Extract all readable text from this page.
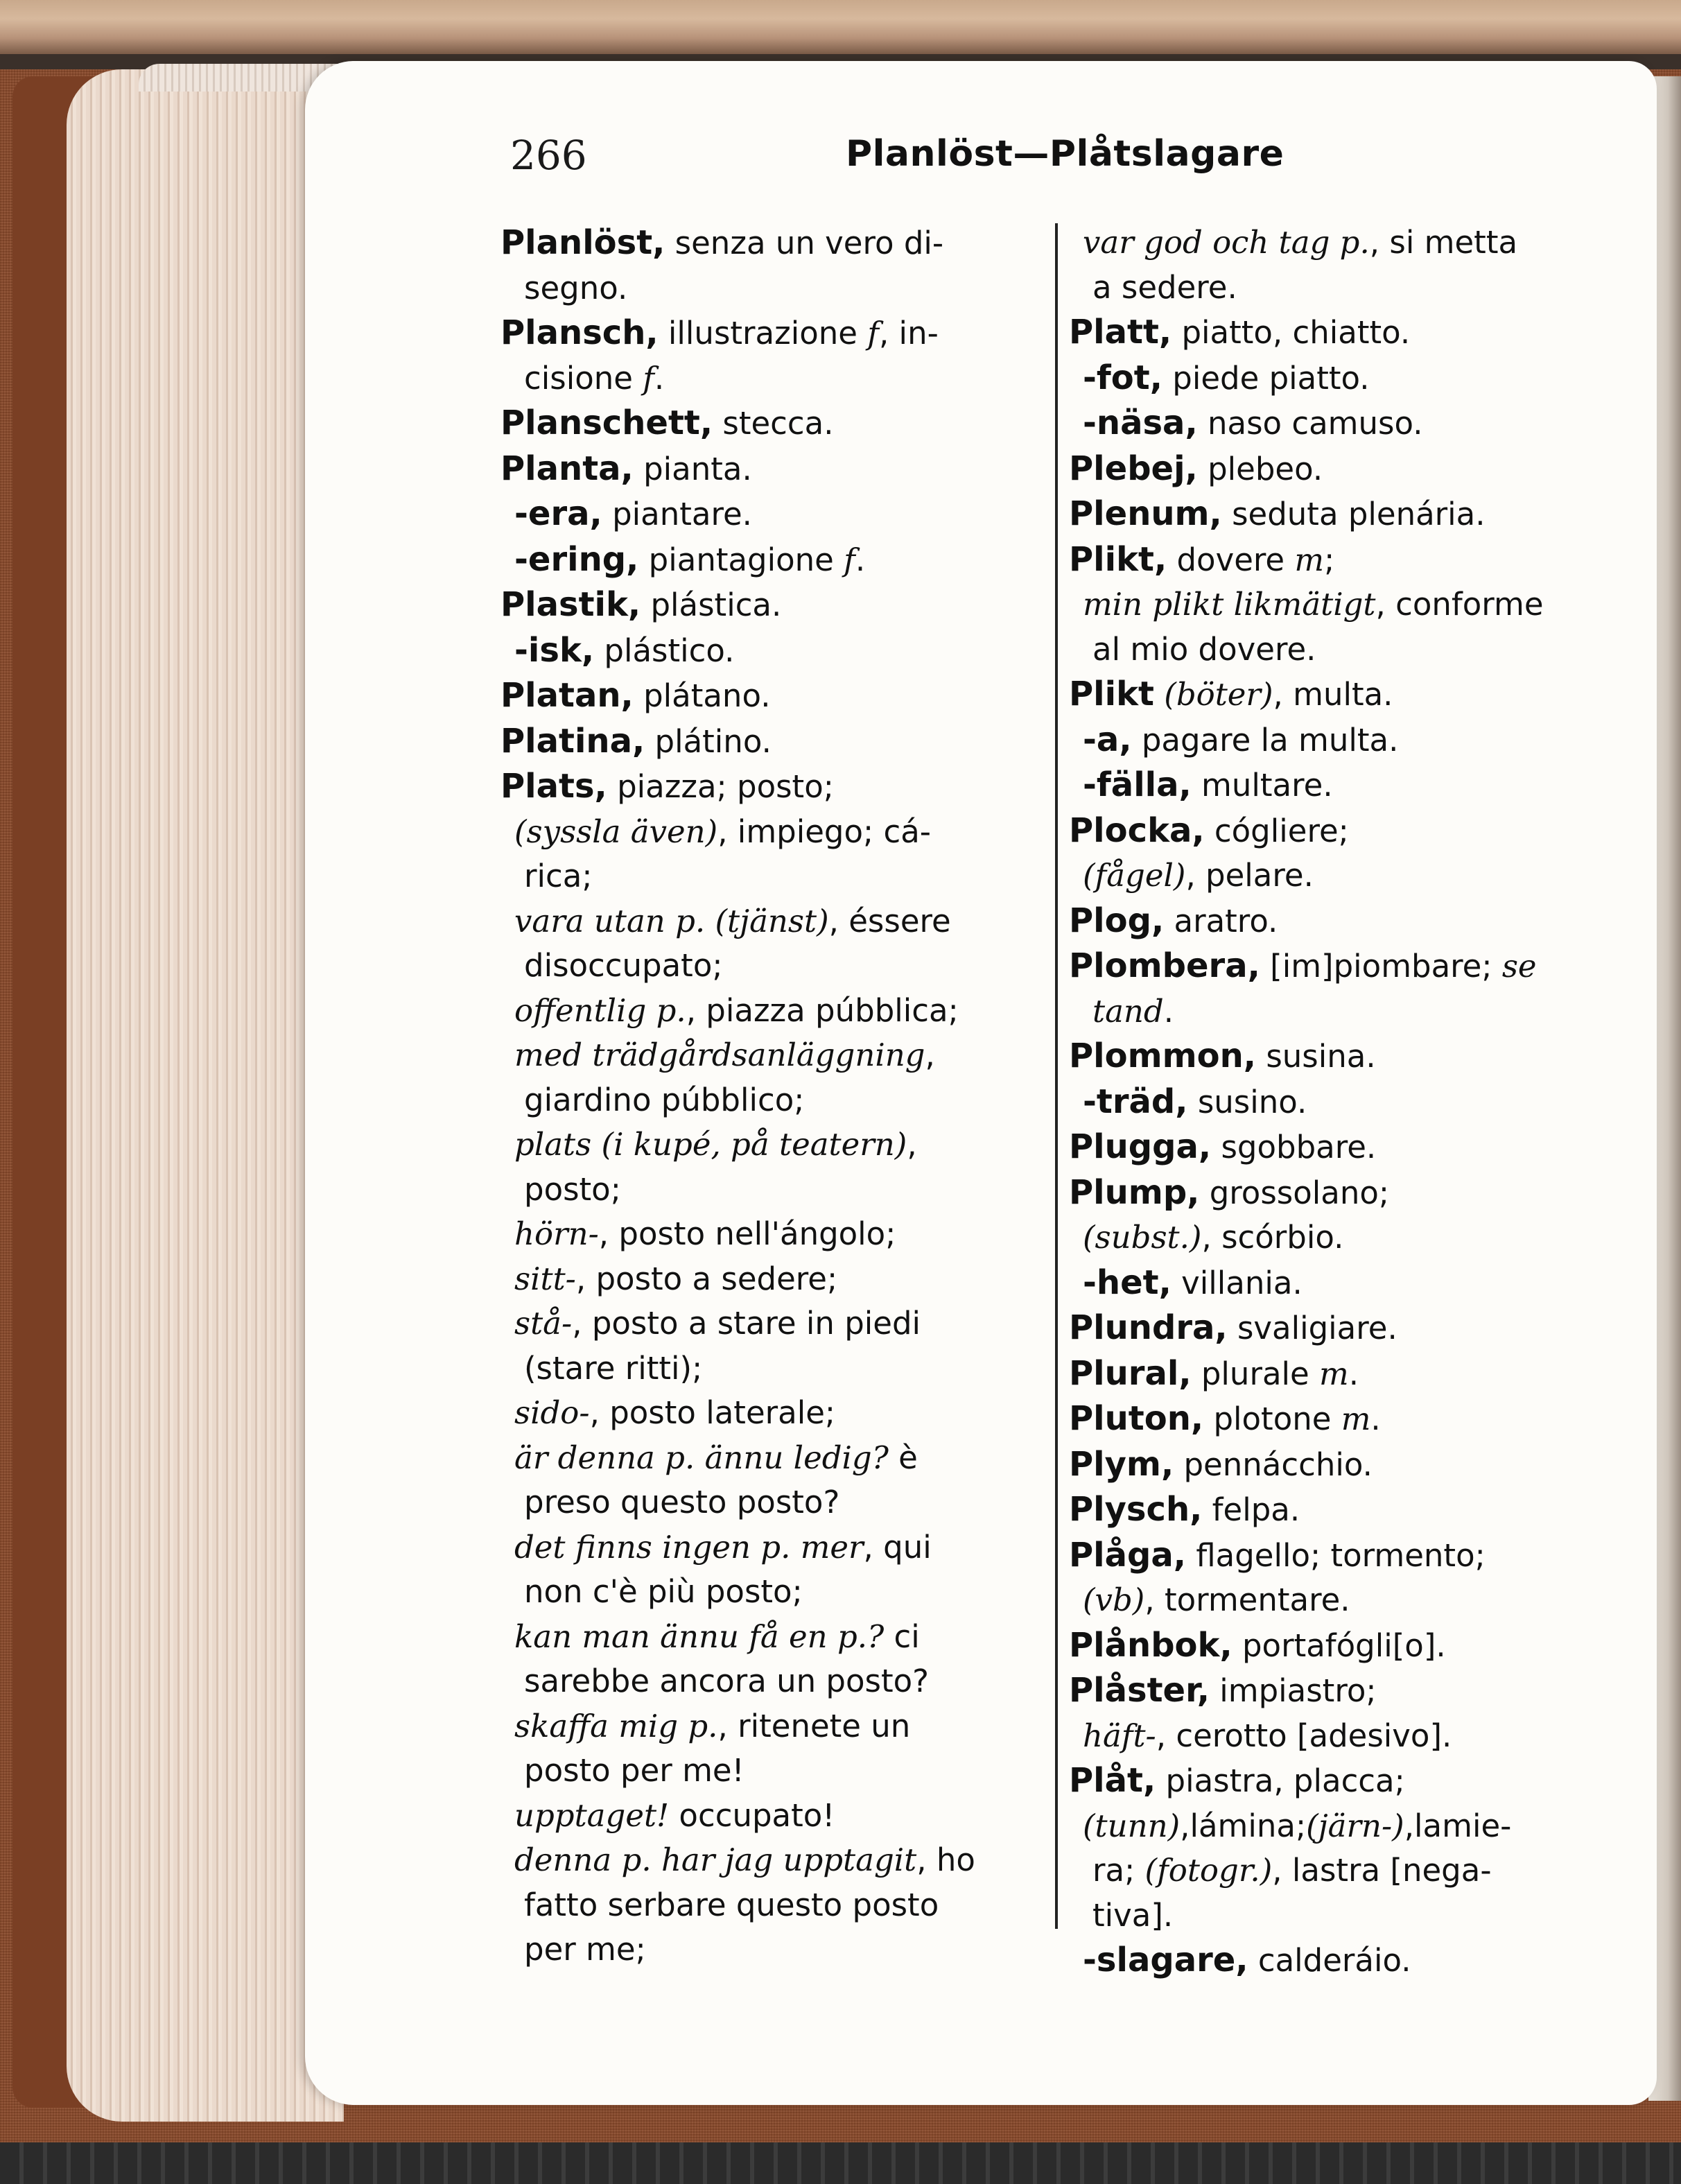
266	Planlöst—Plåtslagare

Planlöst, senza un vero di-

segno.

Plansch, illustrazione f, in-

cisione f.

Planschett, stecca.

Planta, pianta.

-era, piantare.

-ering, piantagione f.

Plastik, plástica.

-isk, plástico.

Platan, plátano.

Platina, plátino.

Plats, piazza; posto;

(syssla även), impiego; cá-

rica;

vara utan p. (tjänst), éssere

disoccupato;

offentlig p., piazza púbblica;

med trädgårdsanläggning,

giardino púbblico;

plats (i kupé, på teatern),

posto;

hörn-, posto nell'ángolo;

sitt-, posto a sedere;

stå-, posto a stare in piedi

(stare ritti);

sido-, posto laterale;

är denna p. ännu ledig? è

preso questo posto?

det finns ingen p. mer, qui

non c'è più posto;

kan man ännu få en p.? ci

sarebbe ancora un posto?

skaffa mig p., ritenete un

posto per me!

upptaget! occupato!

denna p. har jag upptagit, ho

fatto serbare questo posto

per me;

var god och tag p., si metta

a sedere.

Platt, piatto, chiatto.

-fot, piede piatto.

-näsa, naso camuso.

Plebej, plebeo.

Plenum, seduta plenária.

Plikt, dovere m;

min plikt likmätigt, conforme

al mio dovere.

Plikt (böter), multa.

-a, pagare la multa.

-fälla, multare.

Plocka, cógliere;

(fågel), pelare.

Plog, aratro.

Plombera, [im]piombare; se

tand.

Plommon, susina.

-träd, susino.

Plugga, sgobbare.

Plump, grossolano;

(subst.), scórbio.

-het, villania.

Plundra, svaligiare.

Plural, plurale m.

Pluton, plotone m.

Plym, pennácchio.

Plysch, felpa.

Plåga, flagello; tormento;

(vb), tormentare.

Plånbok, portafógli[o].

Plåster, impiastro;

häft-, cerotto [adesivo].

Plåt, piastra, placca;

(tunn),lámina;(järn-),lamie-

ra; (fotogr.), lastra [nega-

tiva].

-slagare, calderáio.
